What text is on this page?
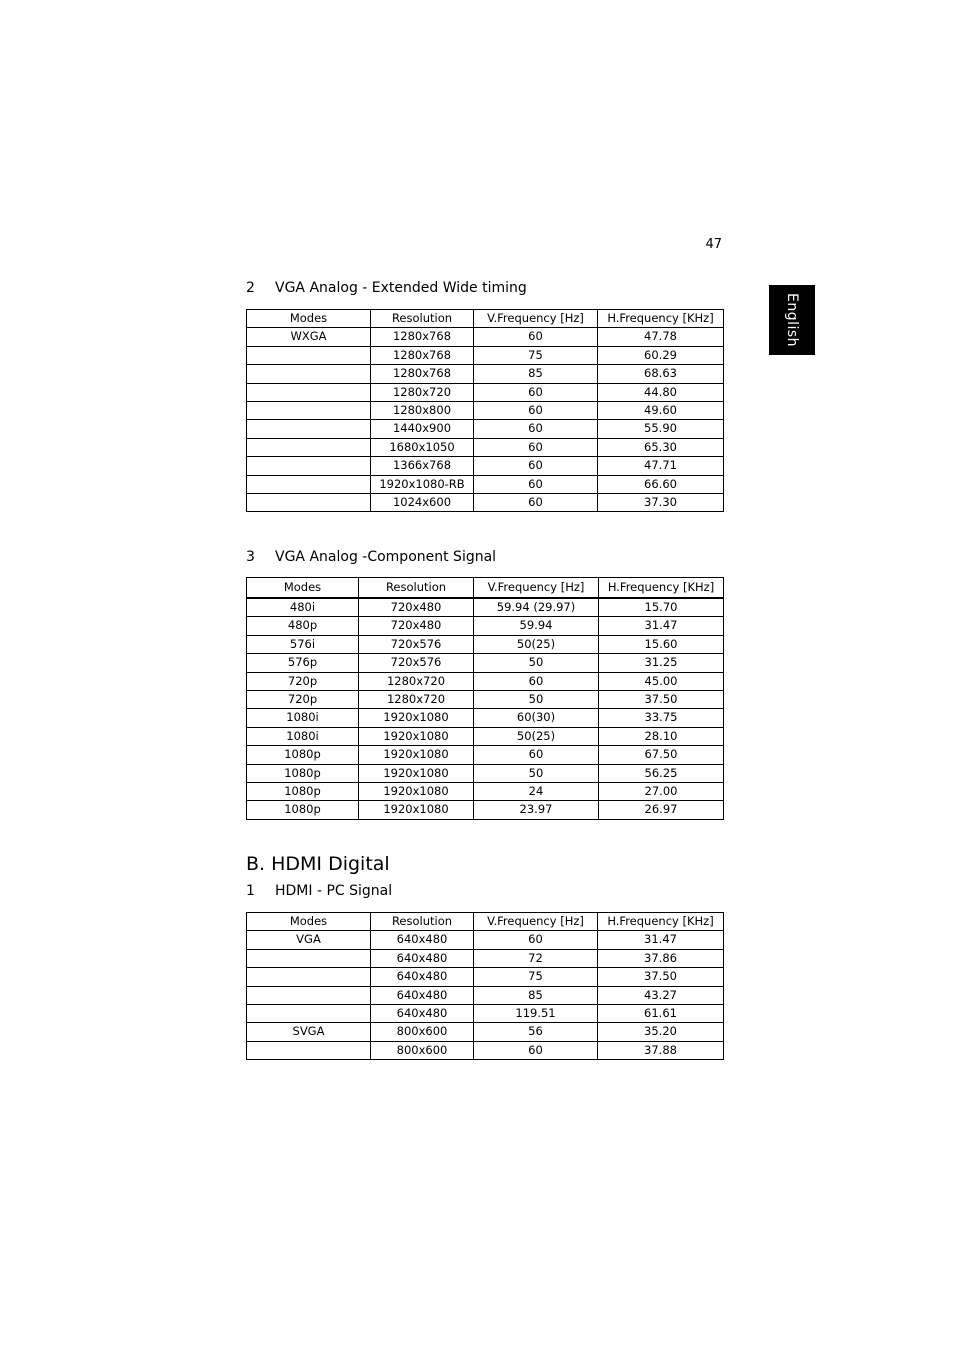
47
English
2 VGA Analog - Extended Wide timing
Modes	Resolution	V.Frequency [Hz]	H.Frequency [KHz]
WXGA	1280x768	60	47.78
	1280x768	75	60.29
	1280x768	85	68.63
	1280x720	60	44.80
	1280x800	60	49.60
	1440x900	60	55.90
	1680x1050	60	65.30
	1366x768	60	47.71
	1920x1080-RB	60	66.60
	1024x600	60	37.30
3 VGA Analog -Component Signal
Modes	Resolution	V.Frequency [Hz]	H.Frequency [KHz]
480i	720x480	59.94 (29.97)	15.70
480p	720x480	59.94	31.47
576i	720x576	50(25)	15.60
576p	720x576	50	31.25
720p	1280x720	60	45.00
720p	1280x720	50	37.50
1080i	1920x1080	60(30)	33.75
1080i	1920x1080	50(25)	28.10
1080p	1920x1080	60	67.50
1080p	1920x1080	50	56.25
1080p	1920x1080	24	27.00
1080p	1920x1080	23.97	26.97
B. HDMI Digital
1 HDMI - PC Signal
Modes	Resolution	V.Frequency [Hz]	H.Frequency [KHz]
VGA	640x480	60	31.47
	640x480	72	37.86
	640x480	75	37.50
	640x480	85	43.27
	640x480	119.51	61.61
SVGA	800x600	56	35.20
	800x600	60	37.88
